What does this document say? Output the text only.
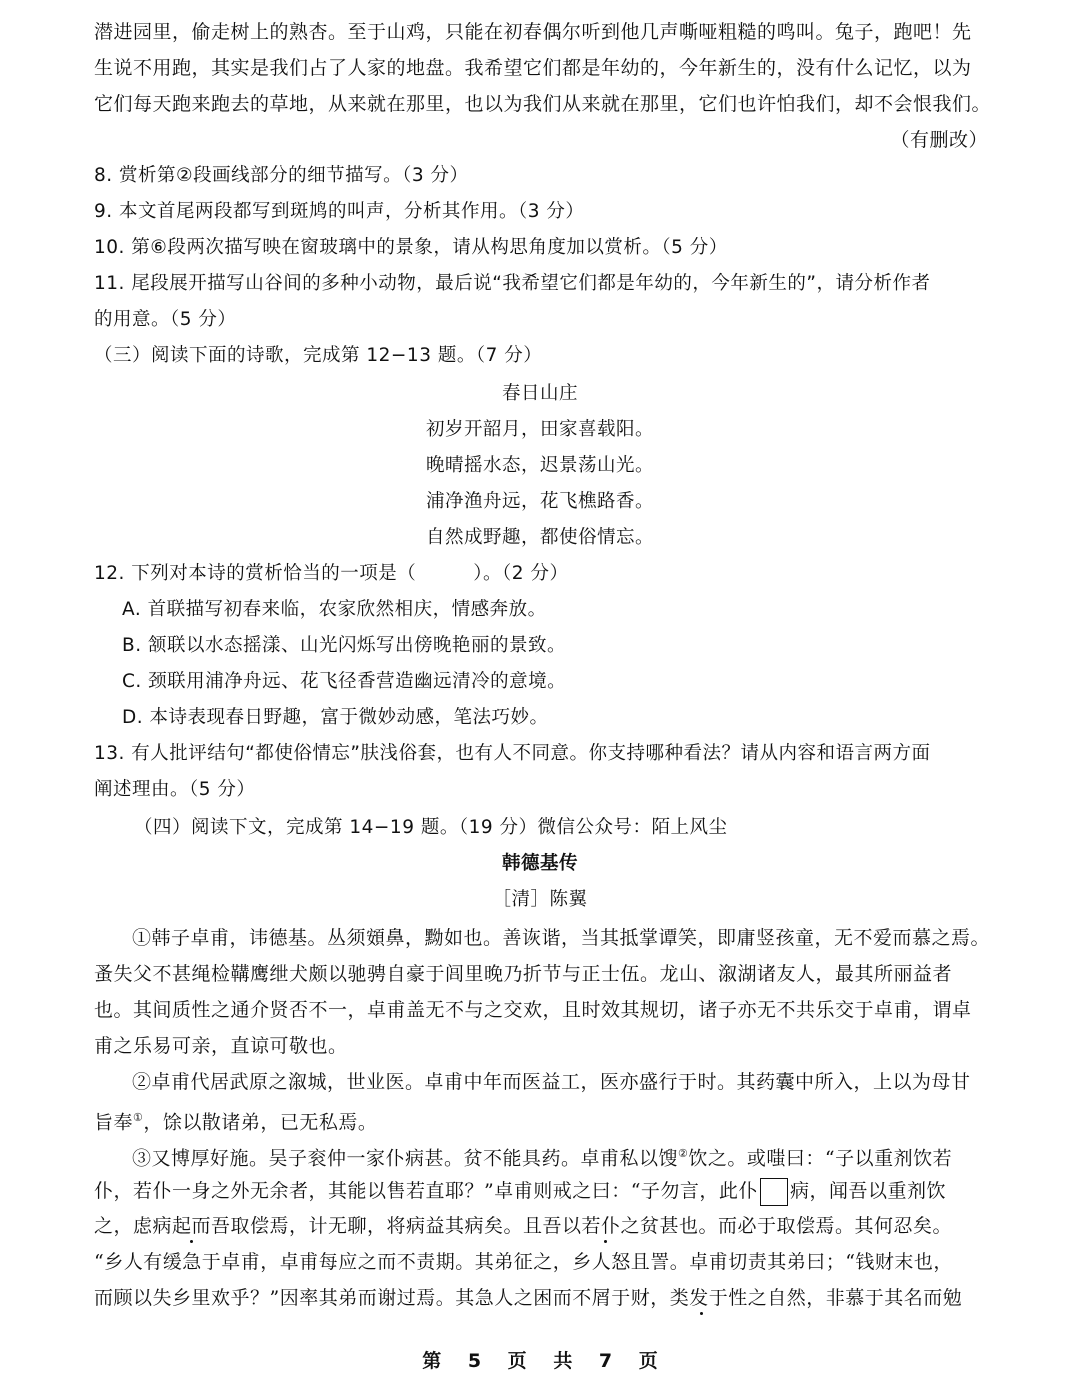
潜进园里，偷走树上的熟杏。至于山鸡，只能在初春偶尔听到他几声嘶哑粗糙的鸣叫。兔子，跑吧！先
生说不用跑，其实是我们占了人家的地盘。我希望它们都是年幼的，今年新生的，没有什么记忆，以为
它们每天跑来跑去的草地，从来就在那里，也以为我们从来就在那里，它们也许怕我们，却不会恨我们。
（有删改）
8. 赏析第②段画线部分的细节描写。（3 分）
9. 本文首尾两段都写到斑鸠的叫声，分析其作用。（3 分）
10. 第⑥段两次描写映在窗玻璃中的景象，请从构思角度加以赏析。（5 分）
11. 尾段展开描写山谷间的多种小动物，最后说“我希望它们都是年幼的，今年新生的”，请分析作者
的用意。（5 分）
（三）阅读下面的诗歌，完成第 12−13 题。（7 分）
春日山庄
初岁开韶月，田家喜载阳。
晚晴摇水态，迟景荡山光。
浦净渔舟远，花飞樵路香。
自然成野趣，都使俗情忘。
12. 下列对本诗的赏析恰当的一项是（　　　）。（2 分）
A. 首联描写初春来临，农家欣然相庆，情感奔放。
B. 颔联以水态摇漾、山光闪烁写出傍晚艳丽的景致。
C. 颈联用浦净舟远、花飞径香营造幽远清冷的意境。
D. 本诗表现春日野趣，富于微妙动感，笔法巧妙。
13. 有人批评结句“都使俗情忘”肤浅俗套，也有人不同意。你支持哪种看法？请从内容和语言两方面
阐述理由。（5 分）
（四）阅读下文，完成第 14−19 题。（19 分）微信公众号：陌上风尘
韩德基传
［清］陈翼
①韩子卓甫，讳德基。丛须頞鼻，黝如也。善诙谐，当其抵掌谭笑，即庸竖孩童，无不爱而慕之焉。
蚤失父不甚绳检鞲鹰绁犬颇以驰骋自豪于闾里晚乃折节与正士伍。龙山、溆湖诸友人，最其所丽益者
也。其间质性之通介贤否不一，卓甫盖无不与之交欢，且时效其规切，诸子亦无不共乐交于卓甫，谓卓
甫之乐易可亲，直谅可敬也。
②卓甫代居武原之溆城，世业医。卓甫中年而医益工，医亦盛行于时。其药囊中所入，上以为母甘
旨奉①，馀以散诸弟，已无私焉。
③又博厚好施。吴子衮仲一家仆病甚。贫不能具药。卓甫私以馊②饮之。或嗤曰：“子以重剂饮若
仆，若仆一身之外无余者，其能以售若直耶？”卓甫则戒之曰：“子勿言，此仆 病，闻吾以重剂饮
之，虑病起而吾取偿焉，计无聊，将病益其病矣。且吾以若仆之贫甚也。而必于取偿焉。其何忍矣。
“乡人有缓急于卓甫，卓甫每应之而不责期。其弟征之，乡人怒且詈。卓甫切责其弟曰；“钱财末也，
而顾以失乡里欢乎？”因率其弟而谢过焉。其急人之困而不屑于财，类发于性之自然，非慕于其名而勉
第 5 页 共 7 页
